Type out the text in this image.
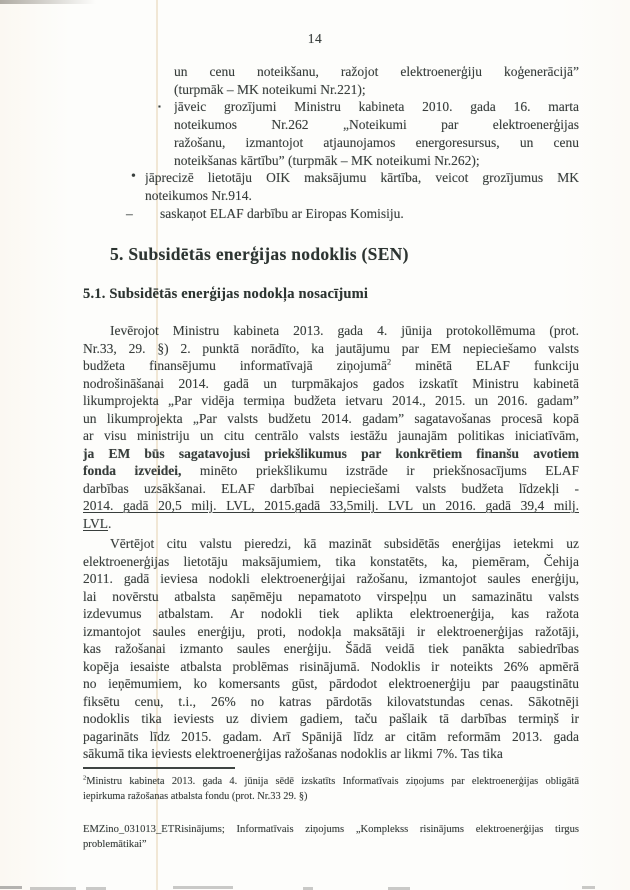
14
un cenu noteikšanu, ražojot elektroenerģiju koģenerācijā”
(turpmāk – MK noteikumi Nr.221);
▪ jāveic grozījumi Ministru kabineta 2010. gada 16. marta
noteikumos Nr.262 „Noteikumi par elektroenerģijas
ražošanu, izmantojot atjaunojamos energoresursus, un cenu
noteikšanas kārtību” (turpmāk – MK noteikumi Nr.262);
• jāprecizē lietotāju OIK maksājumu kārtība, veicot grozījumus MK
noteikumos Nr.914.
– saskaņot ELAF darbību ar Eiropas Komisiju.
5. Subsidētās enerģijas nodoklis (SEN)
5.1. Subsidētās enerģijas nodokļa nosacījumi
Ievērojot Ministru kabineta 2013. gada 4. jūnija protokollēmuma (prot.
Nr.33, 29. §) 2. punktā norādīto, ka jautājumu par EM nepieciešamo valsts
budžeta finansējumu informatīvajā ziņojumā$^2$ minētā ELAF funkciju
nodrošināšanai 2014. gadā un turpmākajos gados izskatīt Ministru kabinetā
likumprojekta „Par vidēja termiņa budžeta ietvaru 2014., 2015. un 2016. gadam”
un likumprojekta „Par valsts budžetu 2014. gadam” sagatavošanas procesā kopā
ar visu ministriju un citu centrālo valsts iestāžu jaunajām politikas iniciatīvām,
ja EM būs sagatavojusi priekšlikumus par konkrētiem finanšu avotiem
fonda izveidei, minēto priekšlikumu izstrāde ir priekšnosacījums ELAF
darbības uzsākšanai. ELAF darbībai nepieciešami valsts budžeta līdzekļi -
2014. gadā 20,5 milj. LVL, 2015.gadā 33,5milj. LVL un 2016. gadā 39,4 milj.
LVL.
Vērtējot citu valstu pieredzi, kā mazināt subsidētās enerģijas ietekmi uz
elektroenerģijas lietotāju maksājumiem, tika konstatēts, ka, piemēram, Čehija
2011. gadā ieviesa nodokli elektroenerģijai ražošanu, izmantojot saules enerģiju,
lai novērstu atbalsta saņēmēju nepamatoto virspeļņu un samazinātu valsts
izdevumus atbalstam. Ar nodokli tiek aplikta elektroenerģija, kas ražota
izmantojot saules enerģiju, proti, nodokļa maksātāji ir elektroenerģijas ražotāji,
kas ražošanai izmanto saules enerģiju. Šādā veidā tiek panākta sabiedrības
kopēja iesaiste atbalsta problēmas risinājumā. Nodoklis ir noteikts 26% apmērā
no ieņēmumiem, ko komersants gūst, pārdodot elektroenerģiju par paaugstinātu
fiksētu cenu, t.i., 26% no katras pārdotās kilovatstundas cenas. Sākotnēji
nodoklis tika ieviests uz diviem gadiem, taču pašlaik tā darbības termiņš ir
pagarināts līdz 2015. gadam. Arī Spānijā līdz ar citām reformām 2013. gada
sākumā tika ieviests elektroenerģijas ražošanas nodoklis ar likmi 7%. Tas tika
$^2$Ministru kabineta 2013. gada 4. jūnija sēdē izskatīts Informatīvais ziņojums par elektroenerģijas obligātā
iepirkuma ražošanas atbalsta fondu (prot. Nr.33 29. §)
EMZino_031013_ETRisinājums; Informatīvais ziņojums „Komplekss risinājums elektroenerģijas tirgus
problemātikai”
